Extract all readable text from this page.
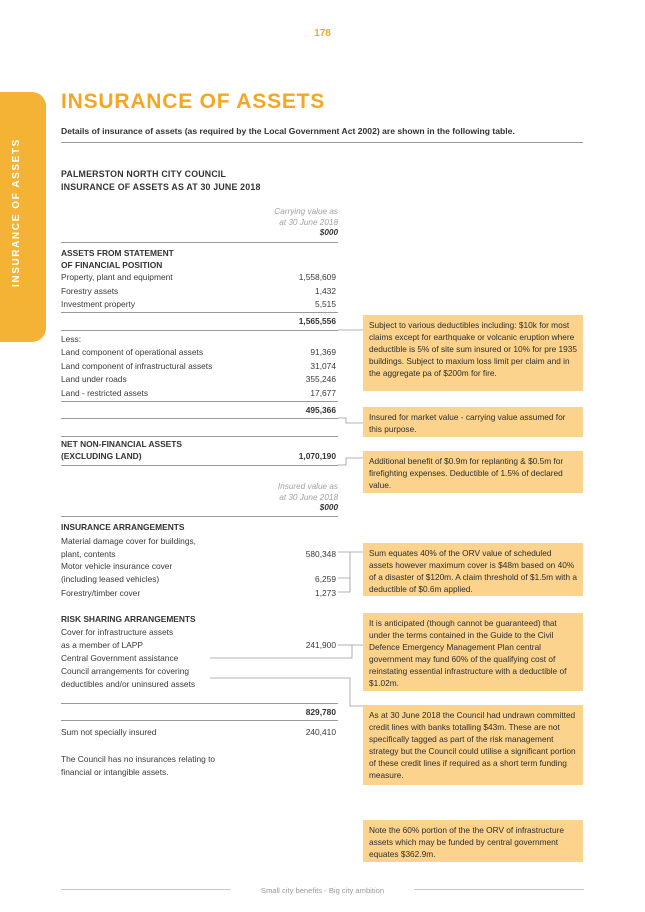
178
INSURANCE OF ASSETS
INSURANCE OF ASSETS
Details of insurance of assets (as required by the Local Government Act 2002) are shown in the following table.
PALMERSTON NORTH CITY COUNCIL
INSURANCE OF ASSETS AS AT 30 JUNE 2018
Carrying value as
at 30 June 2018
$000
ASSETS FROM STATEMENT
OF FINANCIAL POSITION
Property, plant and equipment	1,558,609
Forestry assets	1,432
Investment property	5,515
1,565,556
Less:
Land component of operational assets	91,369
Land component of infrastructural assets	31,074
Land under roads	355,246
Land - restricted assets	17,677
495,366
NET NON-FINANCIAL ASSETS
(EXCLUDING LAND)	1,070,190
Insured value as
at 30 June 2018
$000
INSURANCE ARRANGEMENTS
Material damage cover for buildings,
plant, contents	580,348
Motor vehicle insurance cover
(including leased vehicles)	6,259
Forestry/timber cover	1,273
RISK SHARING ARRANGEMENTS
Cover for infrastructure assets
as a member of LAPP	241,900
Central Government assistance
Council arrangements for covering
deductibles and/or uninsured assets
829,780
Sum not specially insured	240,410
The Council has no insurances relating to
financial or intangible assets.
Subject to various deductibles including: $10k for most claims except for earthquake or volcanic eruption where deductible is 5% of site sum insured or 10% for pre 1935 buildings. Subject to maxium loss limit per claim and in the aggregate pa of $200m for fire.
Insured for market value - carrying value assumed for this purpose.
Additional benefit of $0.9m for replanting & $0.5m for firefighting expenses. Deductible of 1.5% of declared value.
Sum equates 40% of the ORV value of scheduled assets however maximum cover is $48m based on 40% of a disaster of $120m. A claim threshold of $1.5m with a deductible of $0.6m applied.
It is anticipated (though cannot be guaranteed) that under the terms contained in the Guide to the Civil Defence Emergency Management Plan central government may fund 60% of the qualifying cost of reinstating essential infrastructure with a deductible of $1.02m.
As at 30 June 2018 the Council had undrawn committed credit lines with banks totalling $43m. These are not specifically tagged as part of the risk management strategy but the Council could utilise a significant portion of these credit lines if required as a short term funding measure.
Note the 60% portion of the the ORV of infrastructure assets which may be funded by central government equates $362.9m.
Small city benefits - Big city ambition
